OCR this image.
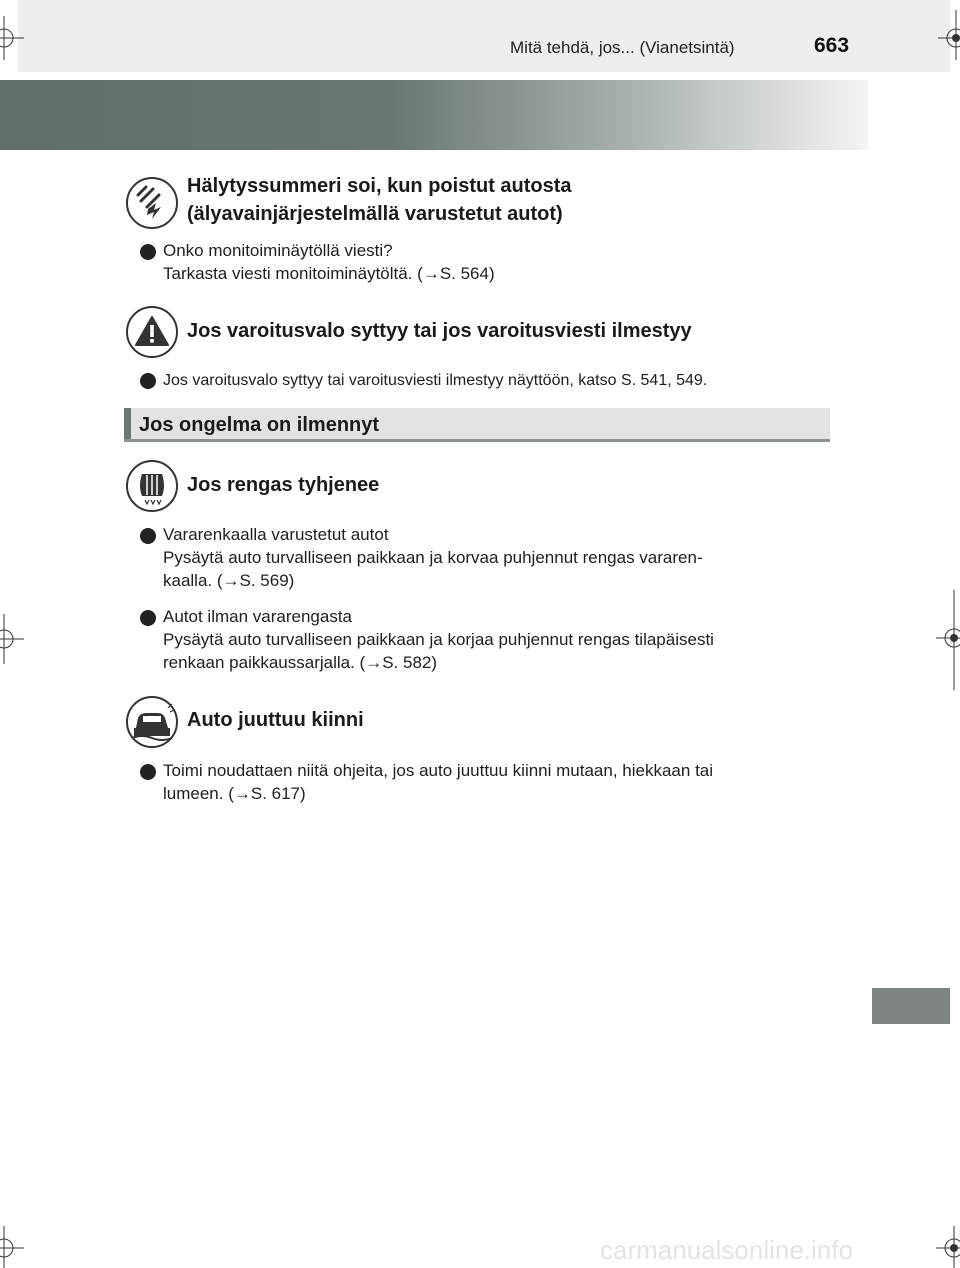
Mitä tehdä, jos... (Vianetsintä)	663
Hälytyssummeri soi, kun poistut autosta
(älyavainjärjestelmällä varustetut autot)
Onko monitoiminäytöllä viesti?
Tarkasta viesti monitoiminäytöltä. (→S. 564)
Jos varoitusvalo syttyy tai jos varoitusviesti ilmestyy
Jos varoitusvalo syttyy tai varoitusviesti ilmestyy näyttöön, katso S. 541, 549.
Jos ongelma on ilmennyt
Jos rengas tyhjenee
Vararenkaalla varustetut autot
Pysäytä auto turvalliseen paikkaan ja korvaa puhjennut rengas vararen-
kaalla. (→S. 569)
Autot ilman vararengasta
Pysäytä auto turvalliseen paikkaan ja korjaa puhjennut rengas tilapäisesti
renkaan paikkaussarjalla. (→S. 582)
Auto juuttuu kiinni
Toimi noudattaen niitä ohjeita, jos auto juuttuu kiinni mutaan, hiekkaan tai
lumeen. (→S. 617)
carmanualsonline.info
